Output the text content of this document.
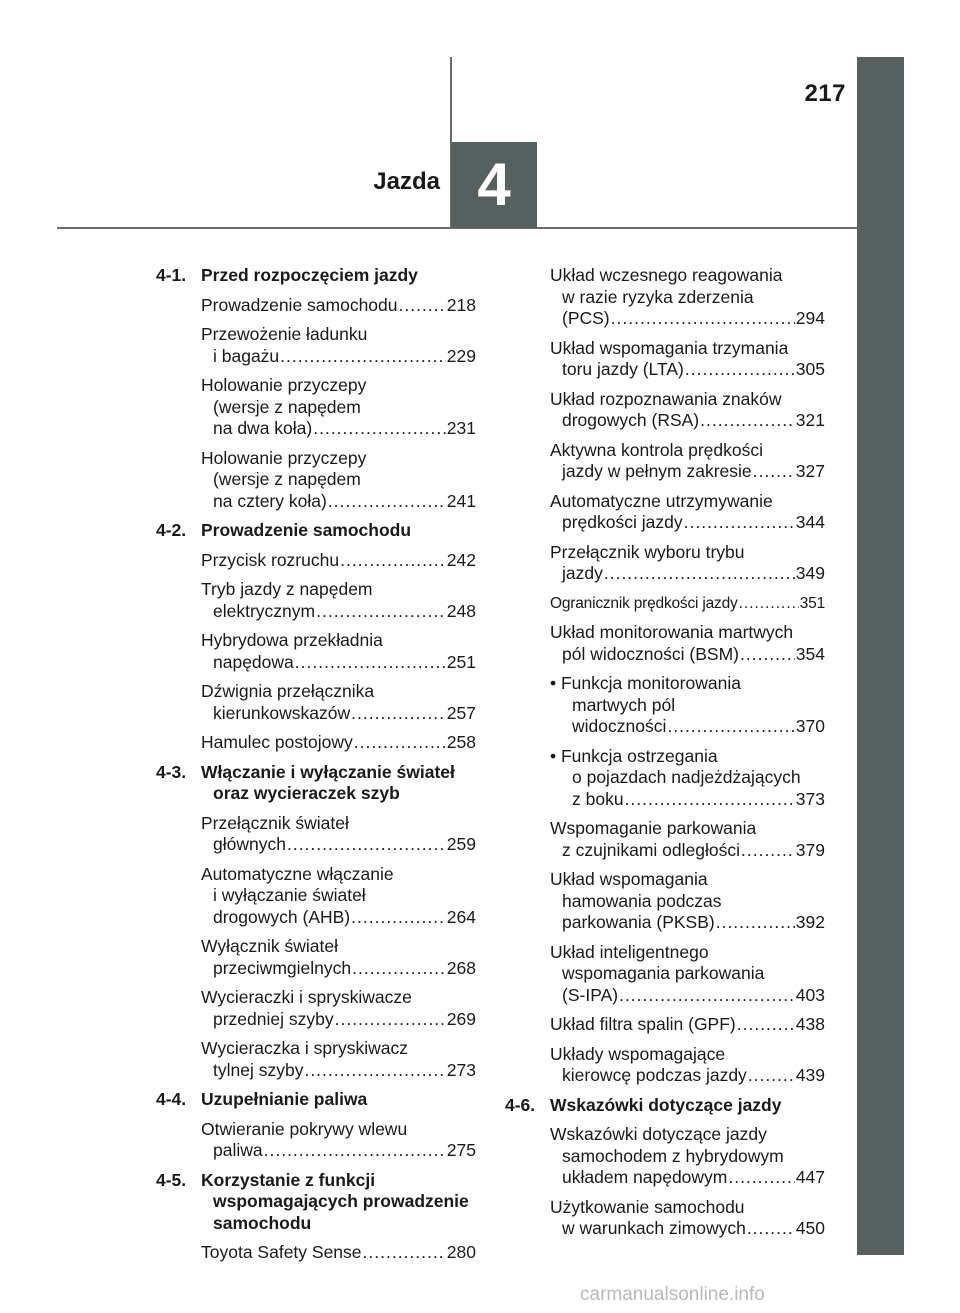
217
Jazda 4
4-1. Przed rozpoczęciem jazdy
Prowadzenie samochodu .....	218
Przewożenie ładunku
i bagażu .....	229
Holowanie przyczepy
(wersje z napędem
na dwa koła) .....	231
Holowanie przyczepy
(wersje z napędem
na cztery koła) .....	241
4-2. Prowadzenie samochodu
Przycisk rozruchu .....	242
Tryb jazdy z napędem
elektrycznym .....	248
Hybrydowa przekładnia
napędowa .....	251
Dźwignia przełącznika
kierunkowskazów .....	257
Hamulec postojowy .....	258
4-3. Włączanie i wyłączanie świateł oraz wycieraczek szyb
Przełącznik świateł
głównych .....	259
Automatyczne włączanie
i wyłączanie świateł
drogowych (AHB) .....	264
Wyłącznik świateł
przeciwmgielnych .....	268
Wycieraczki i spryskiwacze
przedniej szyby .....	269
Wycieraczka i spryskiwacz
tylnej szyby .....	273
4-4. Uzupełnianie paliwa
Otwieranie pokrywy wlewu
paliwa .....	275
4-5. Korzystanie z funkcji wspomagających prowadzenie samochodu
Toyota Safety Sense .....	280
Układ wczesnego reagowania
w razie ryzyka zderzenia
(PCS) .....	294
Układ wspomagania trzymania
toru jazdy (LTA) .....	305
Układ rozpoznawania znaków
drogowych (RSA) .....	321
Aktywna kontrola prędkości
jazdy w pełnym zakresie .....	327
Automatyczne utrzymywanie
prędkości jazdy .....	344
Przełącznik wyboru trybu
jazdy .....	349
Ogranicznik prędkości jazdy .....	351
Układ monitorowania martwych
pól widoczności (BSM) .....	354
• Funkcja monitorowania
martwych pól
widoczności .....	370
• Funkcja ostrzegania
o pojazdach nadjeżdżających
z boku .....	373
Wspomaganie parkowania
z czujnikami odległości .....	379
Układ wspomagania
hamowania podczas
parkowania (PKSB) .....	392
Układ inteligentnego
wspomagania parkowania
(S-IPA) .....	403
Układ filtra spalin (GPF) .....	438
Układy wspomagające
kierowcę podczas jazdy .....	439
4-6. Wskazówki dotyczące jazdy
Wskazówki dotyczące jazdy
samochodem z hybrydowym
układem napędowym .....	447
Użytkowanie samochodu
w warunkach zimowych .....	450
carmanualsonline.info
